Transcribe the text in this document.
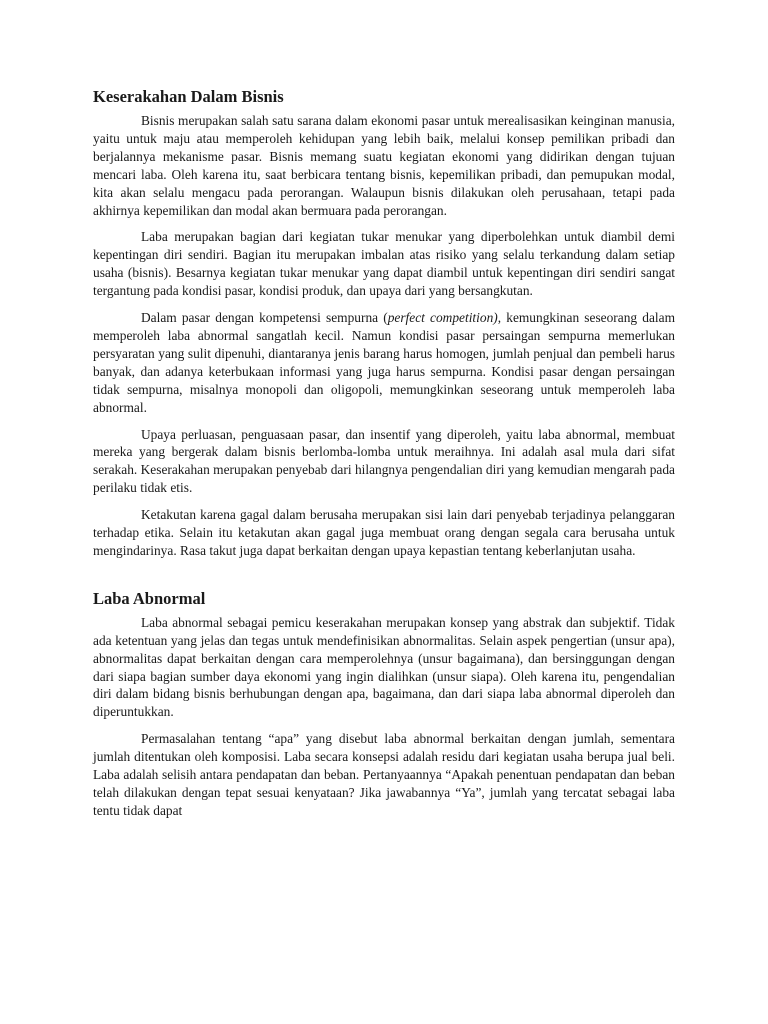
Keserakahan Dalam Bisnis

Bisnis merupakan salah satu sarana dalam ekonomi pasar untuk merealisasikan keinginan manusia, yaitu untuk maju atau memperoleh kehidupan yang lebih baik, melalui konsep pemilikan pribadi dan berjalannya mekanisme pasar. Bisnis memang suatu kegiatan ekonomi yang didirikan dengan tujuan mencari laba. Oleh karena itu, saat berbicara tentang bisnis, kepemilikan pribadi, dan pemupukan modal, kita akan selalu mengacu pada perorangan. Walaupun bisnis dilakukan oleh perusahaan, tetapi pada akhirnya kepemilikan dan modal akan bermuara pada perorangan.

Laba merupakan bagian dari kegiatan tukar menukar yang diperbolehkan untuk diambil demi kepentingan diri sendiri. Bagian itu merupakan imbalan atas risiko yang selalu terkandung dalam setiap usaha (bisnis). Besarnya kegiatan tukar menukar yang dapat diambil untuk kepentingan diri sendiri sangat tergantung pada kondisi pasar, kondisi produk, dan upaya dari yang bersangkutan.

Dalam pasar dengan kompetensi sempurna (perfect competition), kemungkinan seseorang dalam memperoleh laba abnormal sangatlah kecil. Namun kondisi pasar persaingan sempurna memerlukan persyaratan yang sulit dipenuhi, diantaranya jenis barang harus homogen, jumlah penjual dan pembeli harus banyak, dan adanya keterbukaan informasi yang juga harus sempurna. Kondisi pasar dengan persaingan tidak sempurna, misalnya monopoli dan oligopoli, memungkinkan seseorang untuk memperoleh laba abnormal.

Upaya perluasan, penguasaan pasar, dan insentif yang diperoleh, yaitu laba abnormal, membuat mereka yang bergerak dalam bisnis berlomba-lomba untuk meraihnya. Ini adalah asal mula dari sifat serakah. Keserakahan merupakan penyebab dari hilangnya pengendalian diri yang kemudian mengarah pada perilaku tidak etis.

Ketakutan karena gagal dalam berusaha merupakan sisi lain dari penyebab terjadinya pelanggaran terhadap etika. Selain itu ketakutan akan gagal juga membuat orang dengan segala cara berusaha untuk mengindarinya. Rasa takut juga dapat berkaitan dengan upaya kepastian tentang keberlanjutan usaha.

Laba Abnormal

Laba abnormal sebagai pemicu keserakahan merupakan konsep yang abstrak dan subjektif. Tidak ada ketentuan yang jelas dan tegas untuk mendefinisikan abnormalitas. Selain aspek pengertian (unsur apa), abnormalitas dapat berkaitan dengan cara memperolehnya (unsur bagaimana), dan bersinggungan dengan dari siapa bagian sumber daya ekonomi yang ingin dialihkan (unsur siapa). Oleh karena itu, pengendalian diri dalam bidang bisnis berhubungan dengan apa, bagaimana, dan dari siapa laba abnormal diperoleh dan diperuntukkan.

Permasalahan tentang “apa” yang disebut laba abnormal berkaitan dengan jumlah, sementara jumlah ditentukan oleh komposisi. Laba secara konsepsi adalah residu dari kegiatan usaha berupa jual beli. Laba adalah selisih antara pendapatan dan beban. Pertanyaannya “Apakah penentuan pendapatan dan beban telah dilakukan dengan tepat sesuai kenyataan? Jika jawabannya “Ya”, jumlah yang tercatat sebagai laba tentu tidak dapat
